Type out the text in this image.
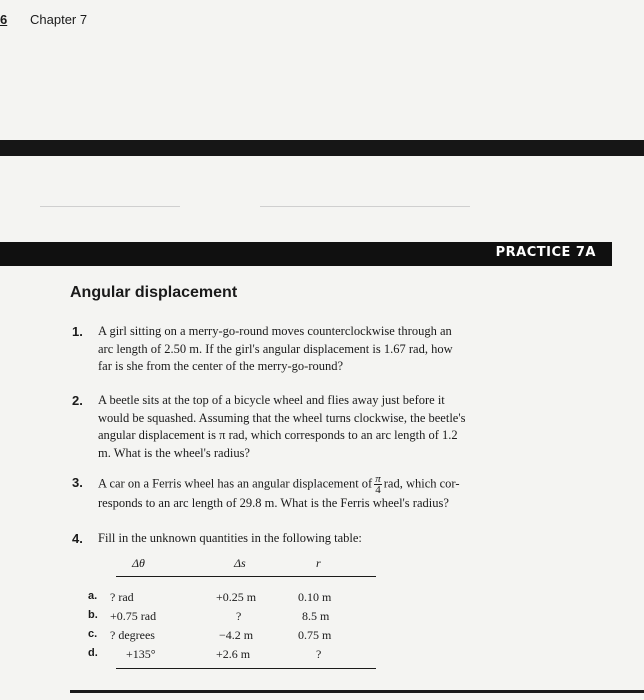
6 Chapter 7
PRACTICE 7A
Angular displacement
1. A girl sitting on a merry-go-round moves counterclockwise through an
arc length of 2.50 m. If the girl's angular displacement is 1.67 rad, how
far is she from the center of the merry-go-round?
2. A beetle sits at the top of a bicycle wheel and flies away just before it
would be squashed. Assuming that the wheel turns clockwise, the beetle's
angular displacement is π rad, which corresponds to an arc length of 1.2
m. What is the wheel's radius?
3. A car on a Ferris wheel has an angular displacement of $\frac{\pi}{4}$ rad, which cor-
responds to an arc length of 29.8 m. What is the Ferris wheel's radius?
4. Fill in the unknown quantities in the following table:
Δθ	Δs	r
a. ? rad	+0.25 m	0.10 m
b. +0.75 rad	?	8.5 m
c. ? degrees	−4.2 m	0.75 m
d. +135°	+2.6 m	?
